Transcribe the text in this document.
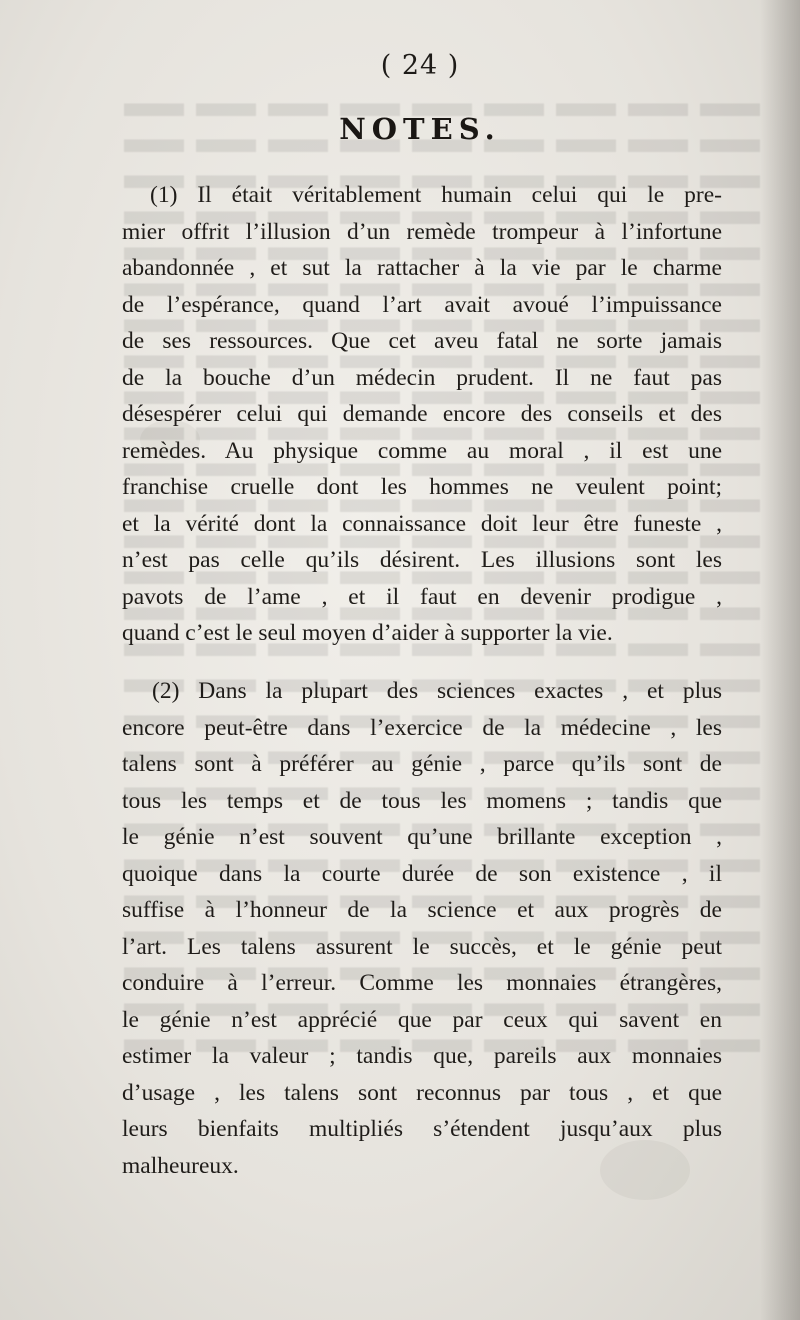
( 24 )
NOTES.
(1) Il était véritablement humain celui qui le pre-
mier offrit l’illusion d’un remède trompeur à l’infortune
abandonnée , et sut la rattacher à la vie par le charme
de l’espérance, quand l’art avait avoué l’impuissance
de ses ressources. Que cet aveu fatal ne sorte jamais
de la bouche d’un médecin prudent. Il ne faut pas
désespérer celui qui demande encore des conseils et des
remèdes. Au physique comme au moral , il est une
franchise cruelle dont les hommes ne veulent point;
et la vérité dont la connaissance doit leur être funeste ,
n’est pas celle qu’ils désirent. Les illusions sont les
pavots de l’ame , et il faut en devenir prodigue ,
quand c’est le seul moyen d’aider à supporter la vie.
(2) Dans la plupart des sciences exactes , et plus
encore peut-être dans l’exercice de la médecine , les
talens sont à préférer au génie , parce qu’ils sont de
tous les temps et de tous les momens ; tandis que
le génie n’est souvent qu’une brillante exception ,
quoique dans la courte durée de son existence , il
suffise à l’honneur de la science et aux progrès de
l’art. Les talens assurent le succès, et le génie peut
conduire à l’erreur. Comme les monnaies étrangères,
le génie n’est apprécié que par ceux qui savent en
estimer la valeur ; tandis que, pareils aux monnaies
d’usage , les talens sont reconnus par tous , et que
leurs bienfaits multipliés s’étendent jusqu’aux plus
malheureux.
